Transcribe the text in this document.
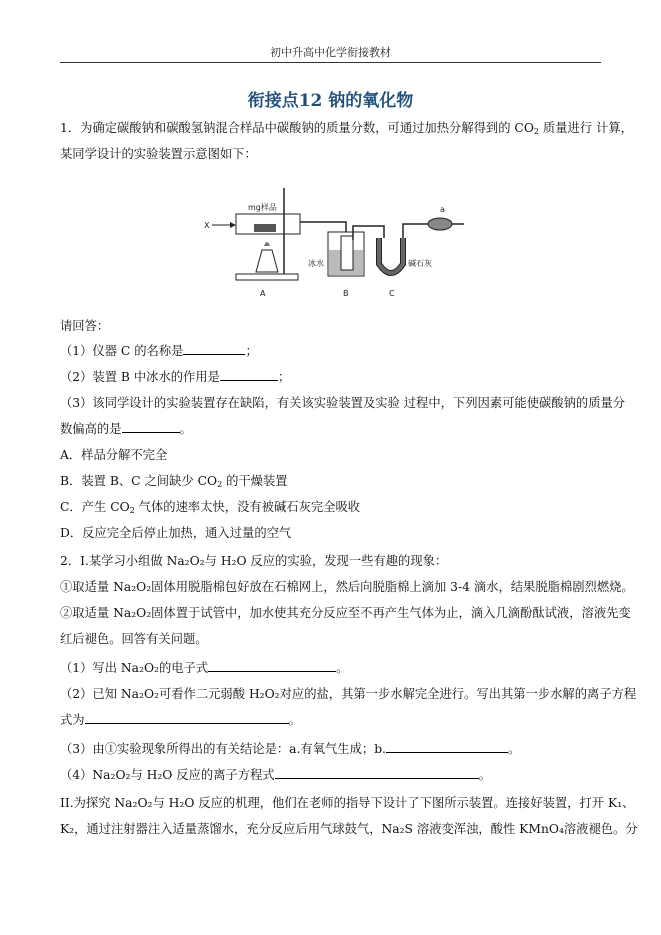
初中升高中化学衔接教材
衔接点12 钠的氧化物
1．为确定碳酸钠和碳酸氢钠混合样品中碳酸钠的质量分数，可通过加热分解得到的 $CO_2$ 质量进行 计算，
某同学设计的实验装置示意图如下：
X
mg样品
A
冰水
B
碱石灰
C
a
请回答：
（1）仪器 C 的名称是	；
（2）装置 B 中冰水的作用是	；
（3）该同学设计的实验装置存在缺陷，有关该实验装置及实验 过程中，下列因素可能使碳酸钠的质量分
数偏高的是	。
A．样品分解不完全
B．装置 B、C 之间缺少 $CO_2$ 的干燥装置
C．产生 $CO_2$ 气体的速率太快，没有被碱石灰完全吸收
D．反应完全后停止加热，通入过量的空气
2．I.某学习小组做 Na₂O₂与 H₂O 反应的实验，发现一些有趣的现象：
①取适量 Na₂O₂固体用脱脂棉包好放在石棉网上，然后向脱脂棉上滴加 3-4 滴水，结果脱脂棉剧烈燃烧。
②取适量 Na₂O₂固体置于试管中，加水使其充分反应至不再产生气体为止，滴入几滴酚酞试液，溶液先变
红后褪色。回答有关问题。
（1）写出 Na₂O₂的电子式	。
（2）已知 Na₂O₂可看作二元弱酸 H₂O₂对应的盐，其第一步水解完全进行。写出其第一步水解的离子方程
式为	。
（3）由①实验现象所得出的有关结论是：a.有氧气生成；b.	。
（4）Na₂O₂与 H₂O 反应的离子方程式	。
II.为探究 Na₂O₂与 H₂O 反应的机理，他们在老师的指导下设计了下图所示装置。连接好装置，打开 K₁、
K₂，通过注射器注入适量蒸馏水，充分反应后用气球鼓气，Na₂S 溶液变浑浊，酸性 KMnO₄溶液褪色。分
